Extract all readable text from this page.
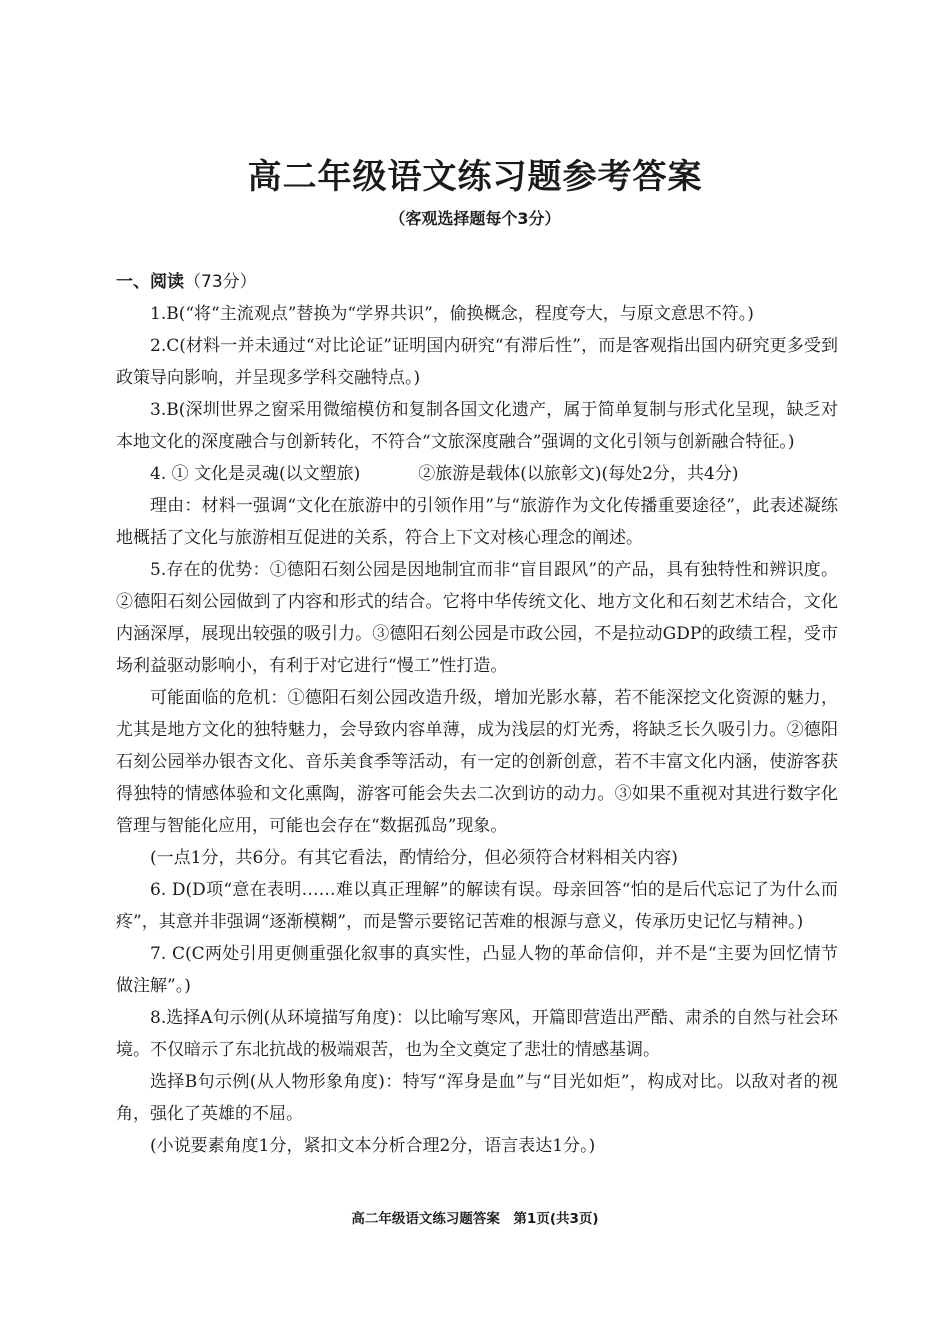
高二年级语文练习题参考答案
（客观选择题每个3分）

一、阅读（73分）

1.B(“将“主流观点”替换为“学界共识”，偷换概念，程度夸大，与原文意思不符。)

2.C(材料一并未通过“对比论证”证明国内研究“有滞后性”，而是客观指出国内研究更多受到政策导向影响，并呈现多学科交融特点。)

3.B(深圳世界之窗采用微缩模仿和复制各国文化遗产，属于简单复制与形式化呈现，缺乏对本地文化的深度融合与创新转化，不符合“文旅深度融合”强调的文化引领与创新融合特征。)

4. ① 文化是灵魂(以文塑旅)	②旅游是载体(以旅彰文)(每处2分，共4分)

理由：材料一强调“文化在旅游中的引领作用”与“旅游作为文化传播重要途径”，此表述凝练地概括了文化与旅游相互促进的关系，符合上下文对核心理念的阐述。

5.存在的优势：①德阳石刻公园是因地制宜而非“盲目跟风”的产品，具有独特性和辨识度。②德阳石刻公园做到了内容和形式的结合。它将中华传统文化、地方文化和石刻艺术结合，文化内涵深厚，展现出较强的吸引力。③德阳石刻公园是市政公园，不是拉动GDP的政绩工程，受市场利益驱动影响小，有利于对它进行“慢工”性打造。

可能面临的危机：①德阳石刻公园改造升级，增加光影水幕，若不能深挖文化资源的魅力，尤其是地方文化的独特魅力，会导致内容单薄，成为浅层的灯光秀，将缺乏长久吸引力。②德阳石刻公园举办银杏文化、音乐美食季等活动，有一定的创新创意，若不丰富文化内涵，使游客获得独特的情感体验和文化熏陶，游客可能会失去二次到访的动力。③如果不重视对其进行数字化管理与智能化应用，可能也会存在“数据孤岛”现象。

(一点1分，共6分。有其它看法，酌情给分，但必须符合材料相关内容)

6. D(D项“意在表明……难以真正理解”的解读有误。母亲回答“怕的是后代忘记了为什么而疼”，其意并非强调“逐渐模糊”，而是警示要铭记苦难的根源与意义，传承历史记忆与精神。)

7. C(C两处引用更侧重强化叙事的真实性，凸显人物的革命信仰，并不是“主要为回忆情节做注解”。)

8.选择A句示例(从环境描写角度)：以比喻写寒风，开篇即营造出严酷、肃杀的自然与社会环境。不仅暗示了东北抗战的极端艰苦，也为全文奠定了悲壮的情感基调。

选择B句示例(从人物形象角度)：特写“浑身是血”与“目光如炬”，构成对比。以敌对者的视角，强化了英雄的不屈。

(小说要素角度1分，紧扣文本分析合理2分，语言表达1分。)

高二年级语文练习题答案　第1页(共3页)
